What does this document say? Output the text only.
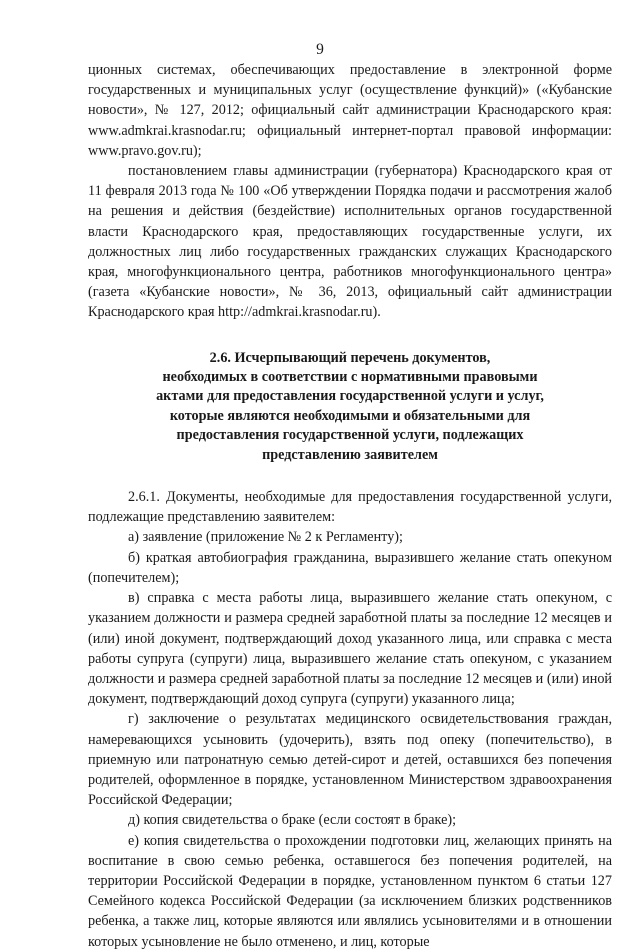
9

ционных системах, обеспечивающих предоставление в электронной форме государственных и муниципальных услуг (осуществление функций)» («Кубанские новости», № 127, 2012; официальный сайт администрации Краснодарского края: www.admkrai.krasnodar.ru; официальный интернет-портал правовой информации: www.pravo.gov.ru);

постановлением главы администрации (губернатора) Краснодарского края от 11 февраля 2013 года № 100 «Об утверждении Порядка подачи и рассмотрения жалоб на решения и действия (бездействие) исполнительных органов государственной власти Краснодарского края, предоставляющих государственные услуги, их должностных лиц либо государственных гражданских служащих Краснодарского края, многофункционального центра, работников многофункционального центра» (газета «Кубанские новости», № 36, 2013, официальный сайт администрации Краснодарского края http://admkrai.krasnodar.ru).

2.6. Исчерпывающий перечень документов,
необходимых в соответствии с нормативными правовыми
актами для предоставления государственной услуги и услуг,
которые являются необходимыми и обязательными для
предоставления государственной услуги, подлежащих
представлению заявителем

2.6.1. Документы, необходимые для предоставления государственной услуги, подлежащие представлению заявителем:

а) заявление (приложение № 2 к Регламенту);

б) краткая автобиография гражданина, выразившего желание стать опекуном (попечителем);

в) справка с места работы лица, выразившего желание стать опекуном, с указанием должности и размера средней заработной платы за последние 12 месяцев и (или) иной документ, подтверждающий доход указанного лица, или справка с места работы супруга (супруги) лица, выразившего желание стать опекуном, с указанием должности и размера средней заработной платы за последние 12 месяцев и (или) иной документ, подтверждающий доход супруга (супруги) указанного лица;

г) заключение о результатах медицинского освидетельствования граждан, намеревающихся усыновить (удочерить), взять под опеку (попечительство), в приемную или патронатную семью детей-сирот и детей, оставшихся без попечения родителей, оформленное в порядке, установленном Министерством здравоохранения Российской Федерации;

д) копия свидетельства о браке (если состоят в браке);

е) копия свидетельства о прохождении подготовки лиц, желающих принять на воспитание в свою семью ребенка, оставшегося без попечения родителей, на территории Российской Федерации в порядке, установленном пунктом 6 статьи 127 Семейного кодекса Российской Федерации (за исключением близких родственников ребенка, а также лиц, которые являются или являлись усыновителями и в отношении которых усыновление не было отменено, и лиц, которые
